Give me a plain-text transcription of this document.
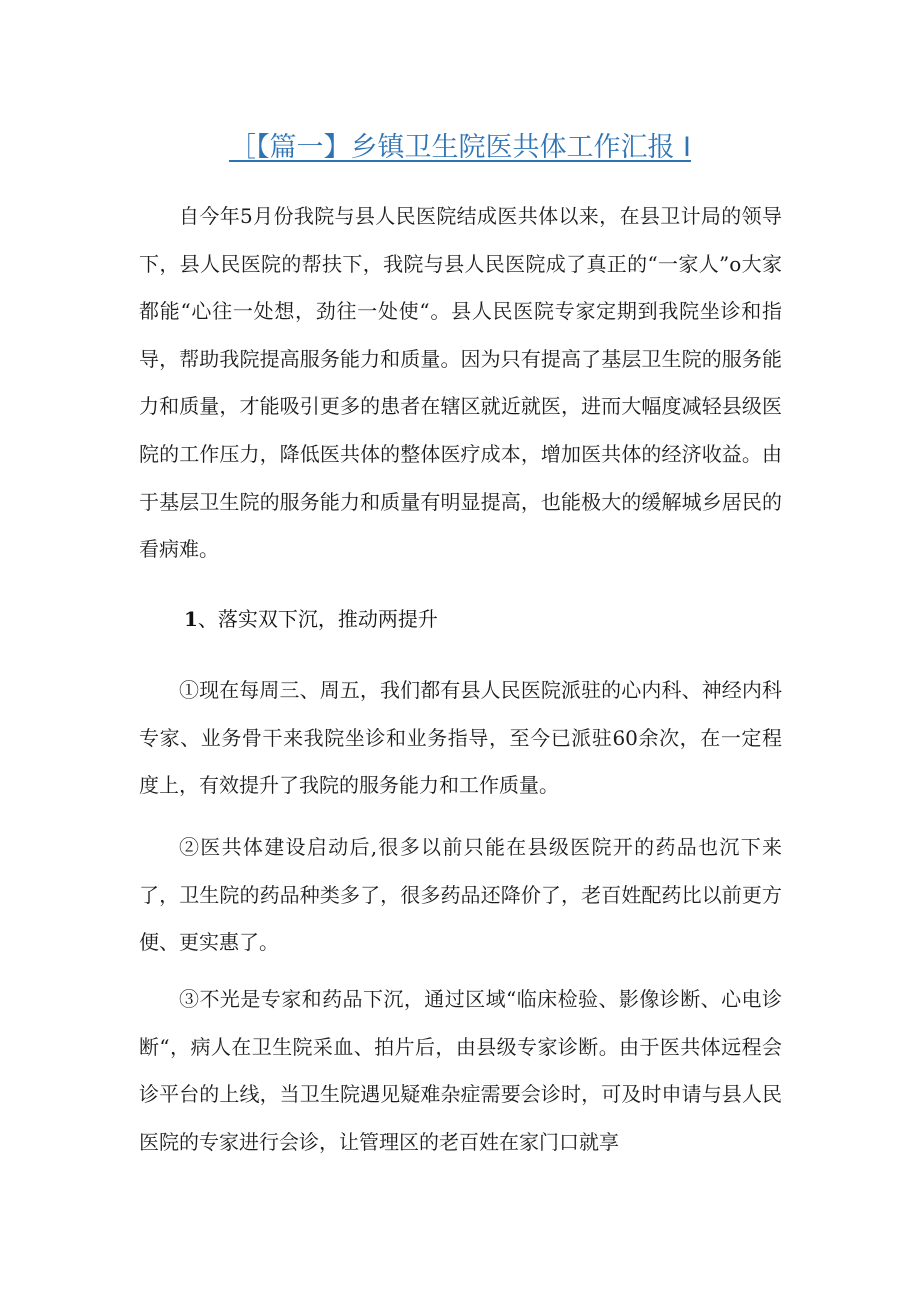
［【篇一】乡镇卫生院医共体工作汇报 I

自今年5月份我院与县人民医院结成医共体以来，在县卫计局的领导下，县人民医院的帮扶下，我院与县人民医院成了真正的“一家人”o大家都能“心往一处想，劲往一处使“。县人民医院专家定期到我院坐诊和指导，帮助我院提高服务能力和质量。因为只有提高了基层卫生院的服务能力和质量，才能吸引更多的患者在辖区就近就医，进而大幅度减轻县级医院的工作压力，降低医共体的整体医疗成本，增加医共体的经济收益。由于基层卫生院的服务能力和质量有明显提高，也能极大的缓解城乡居民的看病难。

1、落实双下沉，推动两提升

①现在每周三、周五，我们都有县人民医院派驻的心内科、神经内科专家、业务骨干来我院坐诊和业务指导，至今已派驻60余次，在一定程度上，有效提升了我院的服务能力和工作质量。

②医共体建设启动后,很多以前只能在县级医院开的药品也沉下来了，卫生院的药品种类多了，很多药品还降价了，老百姓配药比以前更方便、更实惠了。

③不光是专家和药品下沉，通过区域“临床检验、影像诊断、心电诊断“，病人在卫生院采血、拍片后，由县级专家诊断。由于医共体远程会诊平台的上线，当卫生院遇见疑难杂症需要会诊时，可及时申请与县人民医院的专家进行会诊，让管理区的老百姓在家门口就享
